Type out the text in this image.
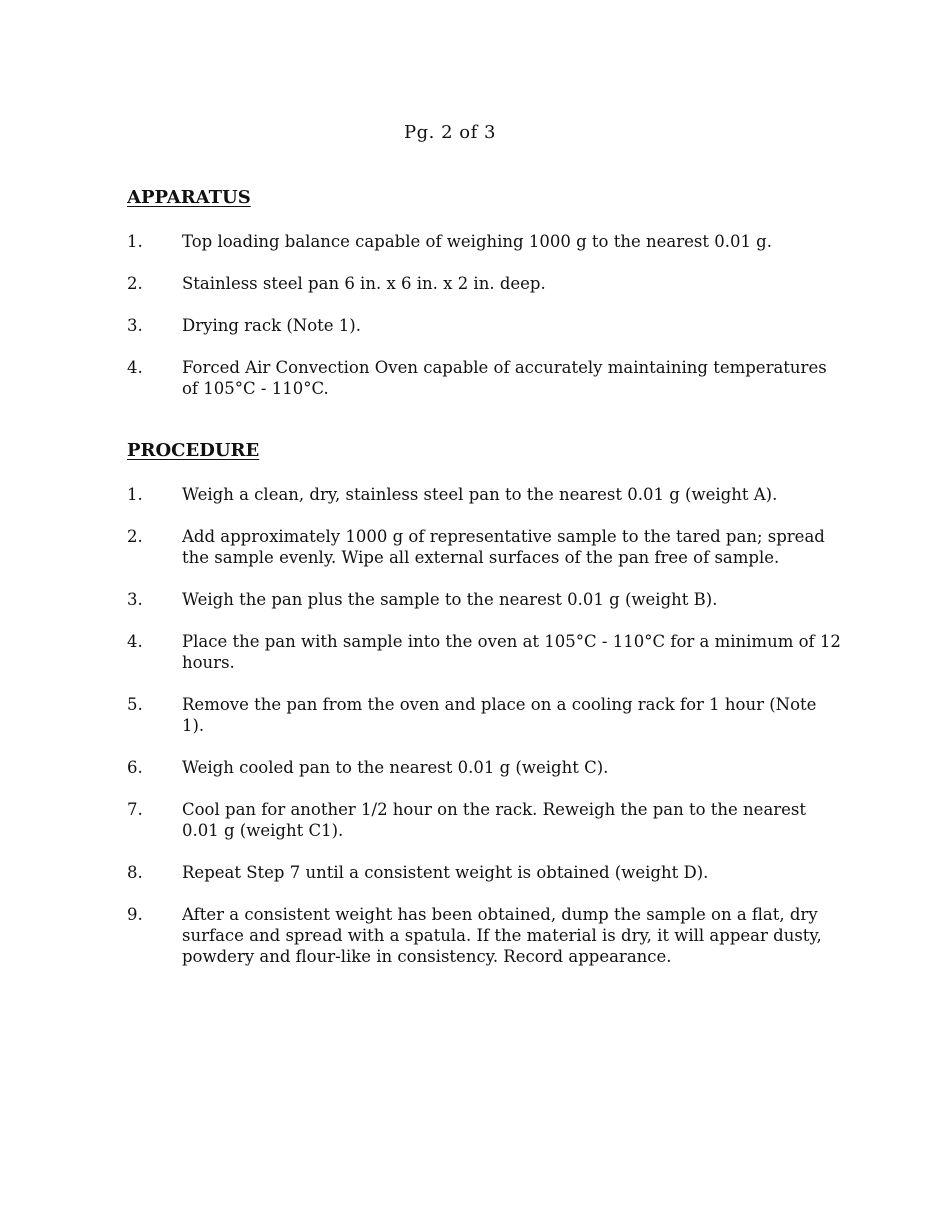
Pg. 2 of 3
APPARATUS
1.	Top loading balance capable of weighing 1000 g to the nearest 0.01 g.
2.	Stainless steel pan 6 in. x 6 in. x 2 in. deep.
3.	Drying rack (Note 1).
4.	Forced Air Convection Oven capable of accurately maintaining temperatures of 105°C - 110°C.
PROCEDURE
1.	Weigh a clean, dry, stainless steel pan to the nearest 0.01 g (weight A).
2.	Add approximately 1000 g of representative sample to the tared pan; spread the sample evenly. Wipe all external surfaces of the pan free of sample.
3.	Weigh the pan plus the sample to the nearest 0.01 g (weight B).
4.	Place the pan with sample into the oven at 105°C - 110°C for a minimum of 12 hours.
5.	Remove the pan from the oven and place on a cooling rack for 1 hour (Note 1).
6.	Weigh cooled pan to the nearest 0.01 g (weight C).
7.	Cool pan for another 1/2 hour on the rack. Reweigh the pan to the nearest 0.01 g (weight C1).
8.	Repeat Step 7 until a consistent weight is obtained (weight D).
9.	After a consistent weight has been obtained, dump the sample on a flat, dry surface and spread with a spatula. If the material is dry, it will appear dusty, powdery and flour-like in consistency. Record appearance.
